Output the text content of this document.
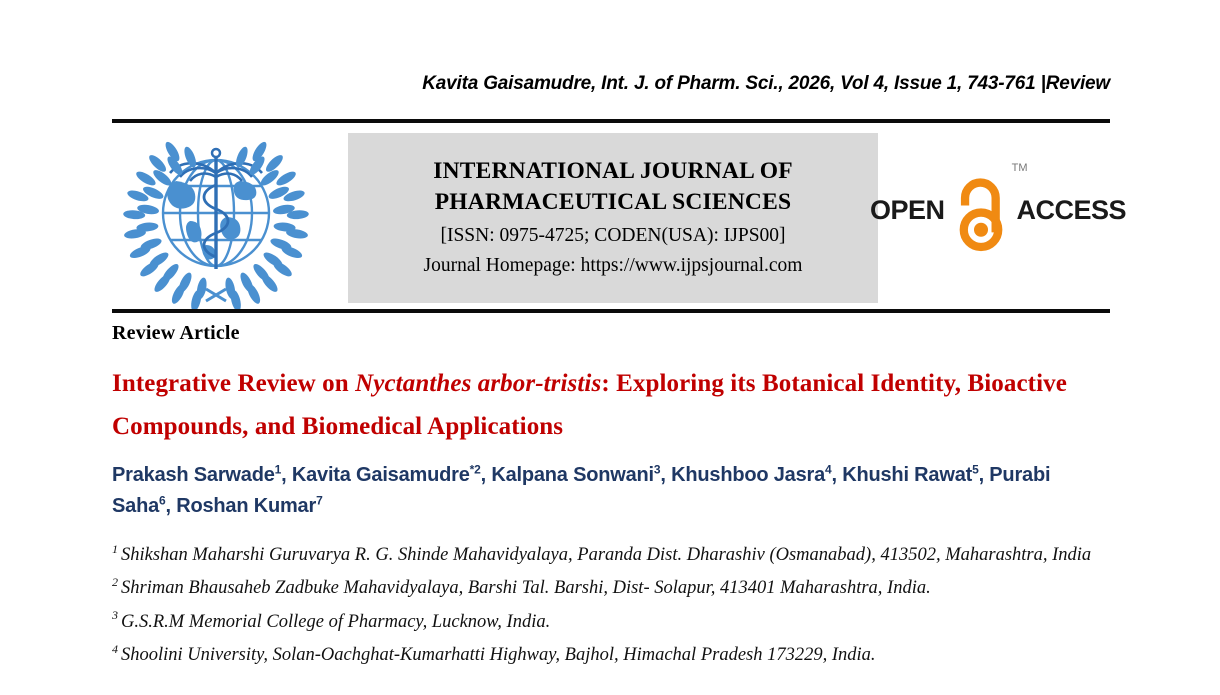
Kavita Gaisamudre, Int. J. of Pharm. Sci., 2026, Vol 4, Issue 1, 743-761 |Review
INTERNATIONAL JOURNAL OF
PHARMACEUTICAL SCIENCES
[ISSN: 0975-4725; CODEN(USA): IJPS00]
Journal Homepage: https://www.ijpsjournal.com
OPEN
TM
ACCESS
Review Article
Integrative Review on Nyctanthes arbor-tristis: Exploring its Botanical Identity, Bioactive Compounds, and Biomedical Applications
Prakash Sarwade$^1$, Kavita Gaisamudre$^{*2}$, Kalpana Sonwani$^3$, Khushboo Jasra$^4$, Khushi Rawat$^5$, Purabi Saha$^6$, Roshan Kumar$^7$
$^1$ Shikshan Maharshi Guruvarya R. G. Shinde Mahavidyalaya, Paranda Dist. Dharashiv (Osmanabad), 413502, Maharashtra, India
$^2$ Shriman Bhausaheb Zadbuke Mahavidyalaya, Barshi Tal. Barshi, Dist- Solapur, 413401 Maharashtra, India.
$^3$ G.S.R.M Memorial College of Pharmacy, Lucknow, India.
$^4$ Shoolini University, Solan-Oachghat-Kumarhatti Highway, Bajhol, Himachal Pradesh 173229, India.
